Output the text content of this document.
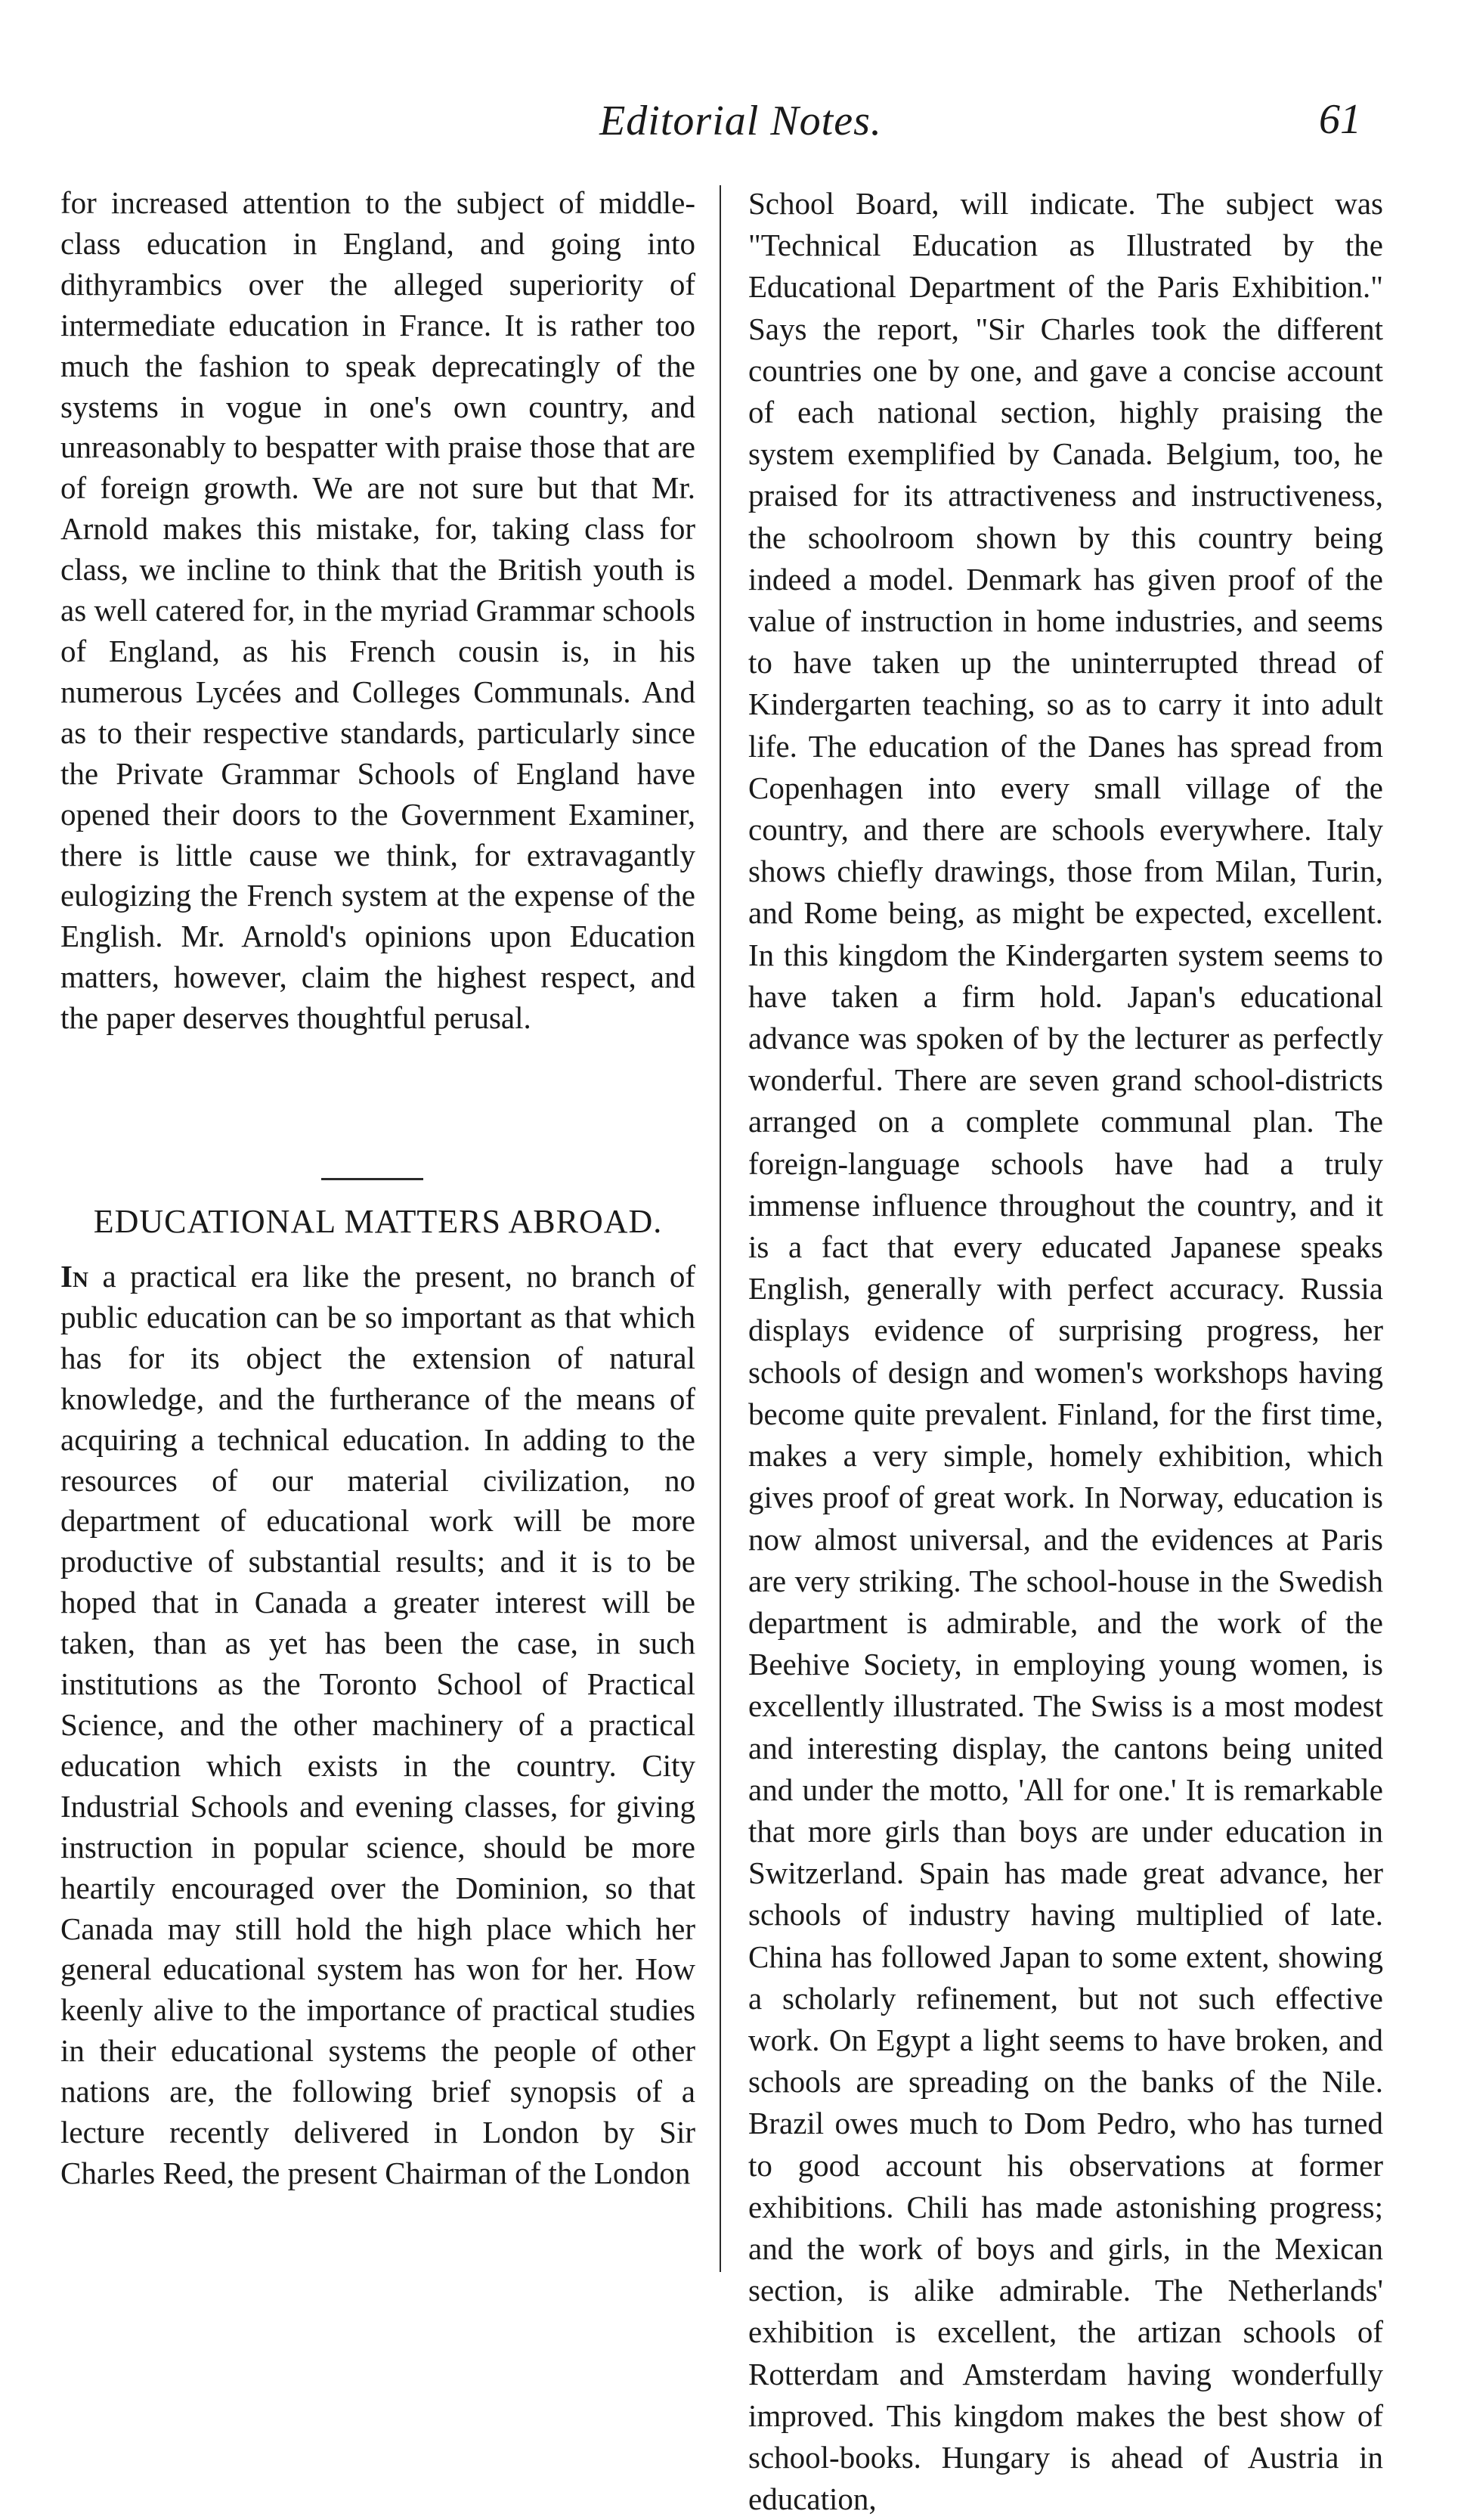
Editorial Notes.	61

for increased attention to the subject of middle-class education in England, and going into dithyrambics over the alleged superiority of intermediate education in France. It is rather too much the fashion to speak deprecatingly of the systems in vogue in one's own country, and unreasonably to bespatter with praise those that are of foreign growth. We are not sure but that Mr. Arnold makes this mistake, for, taking class for class, we incline to think that the British youth is as well catered for, in the myriad Grammar schools of England, as his French cousin is, in his numerous Lycées and Colleges Communals. And as to their respective standards, particularly since the Private Grammar Schools of England have opened their doors to the Government Examiner, there is little cause we think, for extravagantly eulogizing the French system at the expense of the English. Mr. Arnold's opinions upon Education matters, however, claim the highest respect, and the paper deserves thoughtful perusal.

EDUCATIONAL MATTERS ABROAD.

In a practical era like the present, no branch of public education can be so important as that which has for its object the extension of natural knowledge, and the furtherance of the means of acquiring a technical education. In adding to the resources of our material civilization, no department of educational work will be more productive of substantial results; and it is to be hoped that in Canada a greater interest will be taken, than as yet has been the case, in such institutions as the Toronto School of Practical Science, and the other machinery of a practical education which exists in the country. City Industrial Schools and evening classes, for giving instruction in popular science, should be more heartily encouraged over the Dominion, so that Canada may still hold the high place which her general educational system has won for her. How keenly alive to the importance of practical studies in their educational systems the people of other nations are, the following brief synopsis of a lecture recently delivered in London by Sir Charles Reed, the present Chairman of the London

School Board, will indicate. The subject was "Technical Education as Illustrated by the Educational Department of the Paris Exhibition." Says the report, "Sir Charles took the different countries one by one, and gave a concise account of each national section, highly praising the system exemplified by Canada. Belgium, too, he praised for its attractiveness and instructiveness, the schoolroom shown by this country being indeed a model. Denmark has given proof of the value of instruction in home industries, and seems to have taken up the uninterrupted thread of Kindergarten teaching, so as to carry it into adult life. The education of the Danes has spread from Copenhagen into every small village of the country, and there are schools everywhere. Italy shows chiefly drawings, those from Milan, Turin, and Rome being, as might be expected, excellent. In this kingdom the Kindergarten system seems to have taken a firm hold. Japan's educational advance was spoken of by the lecturer as perfectly wonderful. There are seven grand school-districts arranged on a complete communal plan. The foreign-language schools have had a truly immense influence throughout the country, and it is a fact that every educated Japanese speaks English, generally with perfect accuracy. Russia displays evidence of surprising progress, her schools of design and women's workshops having become quite prevalent. Finland, for the first time, makes a very simple, homely exhibition, which gives proof of great work. In Norway, education is now almost universal, and the evidences at Paris are very striking. The school-house in the Swedish department is admirable, and the work of the Beehive Society, in employing young women, is excellently illustrated. The Swiss is a most modest and interesting display, the cantons being united and under the motto, 'All for one.' It is remarkable that more girls than boys are under education in Switzerland. Spain has made great advance, her schools of industry having multiplied of late. China has followed Japan to some extent, showing a scholarly refinement, but not such effective work. On Egypt a light seems to have broken, and schools are spreading on the banks of the Nile. Brazil owes much to Dom Pedro, who has turned to good account his observations at former exhibitions. Chili has made astonishing progress; and the work of boys and girls, in the Mexican section, is alike admirable. The Netherlands' exhibition is excellent, the artizan schools of Rotterdam and Amsterdam having wonderfully improved. This kingdom makes the best show of school-books. Hungary is ahead of Austria in education,
